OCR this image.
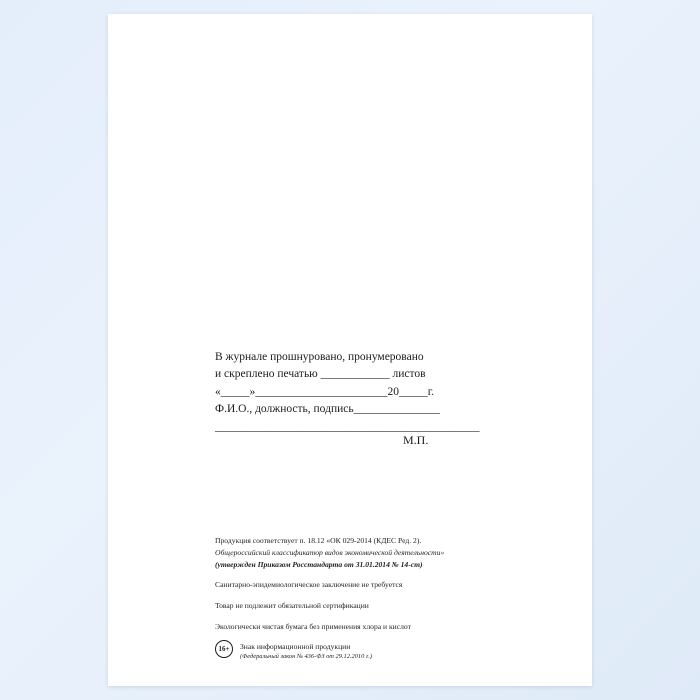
В журнале прошнуровано, пронумеровано
и скреплено печатью ____________ листов
«_____»_______________________20_____г.
Ф.И.О., должность, подпись_______________
______________________________________________
М.П.

Продукция соответствует п. 18.12 «ОК 029-2014 (КДЕС Ред. 2).

Общероссийский классификатор видов экономической деятельности»

(утвержден Приказом Росстандарта от 31.01.2014 № 14-ст)

Санитарно-эпидемиологическое заключение не требуется

Товар не подлежит обязательной сертификации

Экологически чистая бумага без применения хлора и кислот

16+	Знак информационной продукции
(Федеральный закон № 436-ФЗ от 29.12.2010 г.)
